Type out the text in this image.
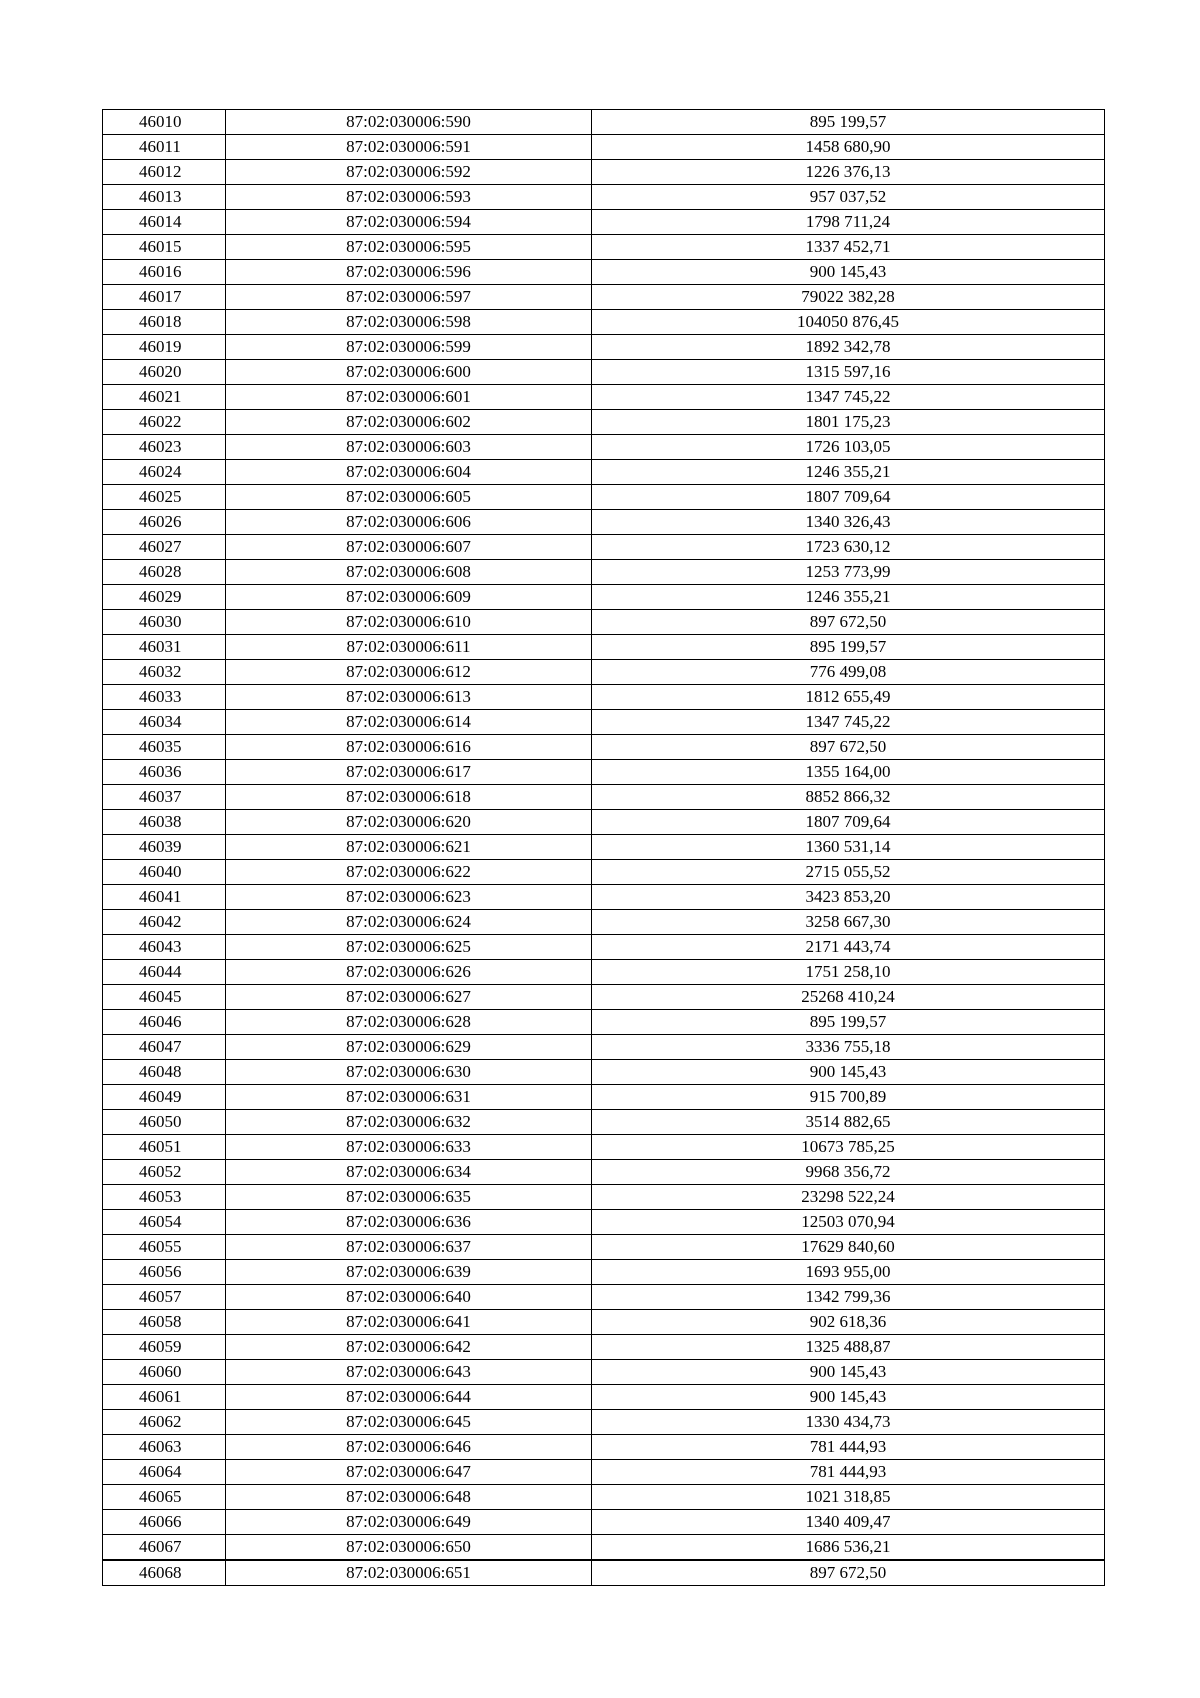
46010	87:02:030006:590	895 199,57
46011	87:02:030006:591	1458 680,90
46012	87:02:030006:592	1226 376,13
46013	87:02:030006:593	957 037,52
46014	87:02:030006:594	1798 711,24
46015	87:02:030006:595	1337 452,71
46016	87:02:030006:596	900 145,43
46017	87:02:030006:597	79022 382,28
46018	87:02:030006:598	104050 876,45
46019	87:02:030006:599	1892 342,78
46020	87:02:030006:600	1315 597,16
46021	87:02:030006:601	1347 745,22
46022	87:02:030006:602	1801 175,23
46023	87:02:030006:603	1726 103,05
46024	87:02:030006:604	1246 355,21
46025	87:02:030006:605	1807 709,64
46026	87:02:030006:606	1340 326,43
46027	87:02:030006:607	1723 630,12
46028	87:02:030006:608	1253 773,99
46029	87:02:030006:609	1246 355,21
46030	87:02:030006:610	897 672,50
46031	87:02:030006:611	895 199,57
46032	87:02:030006:612	776 499,08
46033	87:02:030006:613	1812 655,49
46034	87:02:030006:614	1347 745,22
46035	87:02:030006:616	897 672,50
46036	87:02:030006:617	1355 164,00
46037	87:02:030006:618	8852 866,32
46038	87:02:030006:620	1807 709,64
46039	87:02:030006:621	1360 531,14
46040	87:02:030006:622	2715 055,52
46041	87:02:030006:623	3423 853,20
46042	87:02:030006:624	3258 667,30
46043	87:02:030006:625	2171 443,74
46044	87:02:030006:626	1751 258,10
46045	87:02:030006:627	25268 410,24
46046	87:02:030006:628	895 199,57
46047	87:02:030006:629	3336 755,18
46048	87:02:030006:630	900 145,43
46049	87:02:030006:631	915 700,89
46050	87:02:030006:632	3514 882,65
46051	87:02:030006:633	10673 785,25
46052	87:02:030006:634	9968 356,72
46053	87:02:030006:635	23298 522,24
46054	87:02:030006:636	12503 070,94
46055	87:02:030006:637	17629 840,60
46056	87:02:030006:639	1693 955,00
46057	87:02:030006:640	1342 799,36
46058	87:02:030006:641	902 618,36
46059	87:02:030006:642	1325 488,87
46060	87:02:030006:643	900 145,43
46061	87:02:030006:644	900 145,43
46062	87:02:030006:645	1330 434,73
46063	87:02:030006:646	781 444,93
46064	87:02:030006:647	781 444,93
46065	87:02:030006:648	1021 318,85
46066	87:02:030006:649	1340 409,47
46067	87:02:030006:650	1686 536,21
46068	87:02:030006:651	897 672,50
